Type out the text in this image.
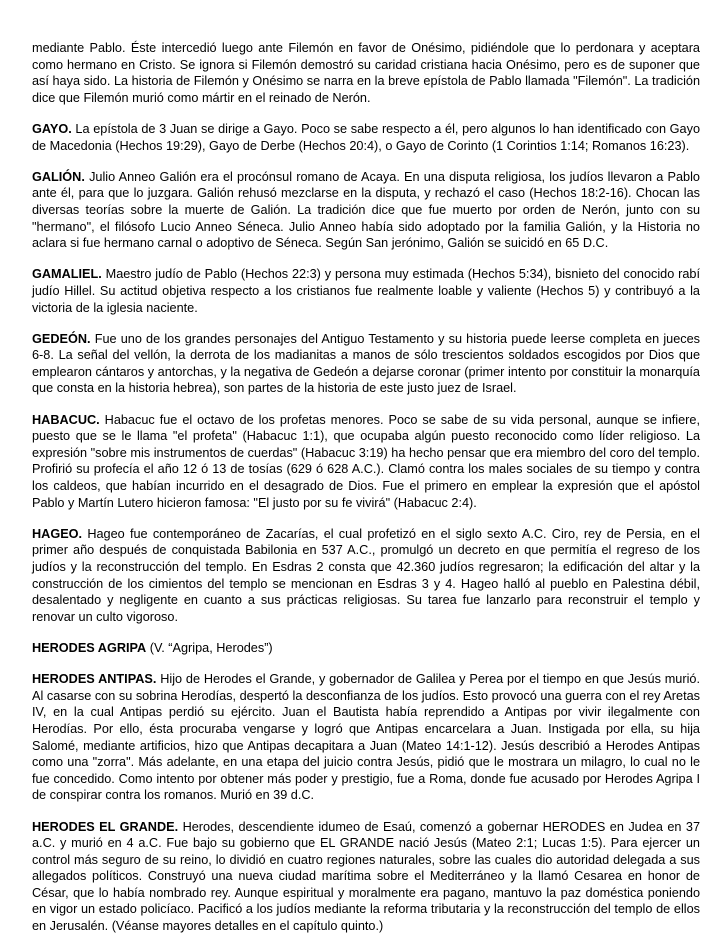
mediante Pablo. Éste intercedió luego ante Filemón en favor de Onésimo, pidiéndole que lo perdonara y aceptara como hermano en Cristo. Se ignora si Filemón demostró su caridad cristiana hacia Onésimo, pero es de suponer que así haya sido. La historia de Filemón y Onésimo se narra en la breve epístola de Pablo llamada "Filemón". La tradición dice que Filemón murió como mártir en el reinado de Nerón.

GAYO. La epístola de 3 Juan se dirige a Gayo. Poco se sabe respecto a él, pero algunos lo han identificado con Gayo de Macedonia (Hechos 19:29), Gayo de Derbe (Hechos 20:4), o Gayo de Corinto (1 Corintios 1:14; Romanos 16:23).

GALIÓN. Julio Anneo Galión era el procónsul romano de Acaya. En una disputa religiosa, los judíos llevaron a Pablo ante él, para que lo juzgara. Galión rehusó mezclarse en la disputa, y rechazó el caso (Hechos 18:2-16). Chocan las diversas teorías sobre la muerte de Galión. La tradición dice que fue muerto por orden de Nerón, junto con su "hermano", el filósofo Lucio Anneo Séneca. Julio Anneo había sido adoptado por la familia Galión, y la Historia no aclara si fue hermano carnal o adoptivo de Séneca. Según San jerónimo, Galión se suicidó en 65 D.C.

GAMALIEL. Maestro judío de Pablo (Hechos 22:3) y persona muy estimada (Hechos 5:34), bisnieto del conocido rabí judío Hillel. Su actitud objetiva respecto a los cristianos fue realmente loable y valiente (Hechos 5) y contribuyó a la victoria de la iglesia naciente.

GEDEÓN. Fue uno de los grandes personajes del Antiguo Testamento y su historia puede leerse completa en jueces 6-8. La señal del vellón, la derrota de los madianitas a manos de sólo trescientos soldados escogidos por Dios que emplearon cántaros y antorchas, y la negativa de Gedeón a dejarse coronar (primer intento por constituir la monarquía que consta en la historia hebrea), son partes de la historia de este justo juez de Israel.

HABACUC. Habacuc fue el octavo de los profetas menores. Poco se sabe de su vida personal, aunque se infiere, puesto que se le llama "el profeta" (Habacuc 1:1), que ocupaba algún puesto reconocido como líder religioso. La expresión "sobre mis instrumentos de cuerdas" (Habacuc 3:19) ha hecho pensar que era miembro del coro del templo. Profirió su profecía el año 12 ó 13 de tosías (629 ó 628 A.C.). Clamó contra los males sociales de su tiempo y contra los caldeos, que habían incurrido en el desagrado de Dios. Fue el primero en emplear la expresión que el apóstol Pablo y Martín Lutero hicieron famosa: "El justo por su fe vivirá" (Habacuc 2:4).

HAGEO. Hageo fue contemporáneo de Zacarías, el cual profetizó en el siglo sexto A.C. Ciro, rey de Persia, en el primer año después de conquistada Babilonia en 537 A.C., promulgó un decreto en que permitía el regreso de los judíos y la reconstrucción del templo. En Esdras 2 consta que 42.360 judíos regresaron; la edificación del altar y la construcción de los cimientos del templo se mencionan en Esdras 3 y 4. Hageo halló al pueblo en Palestina débil, desalentado y negligente en cuanto a sus prácticas religiosas. Su tarea fue lanzarlo para reconstruir el templo y renovar un culto vigoroso.

HERODES AGRIPA (V. “Agripa, Herodes”)

HERODES ANTIPAS. Hijo de Herodes el Grande, y gobernador de Galilea y Perea por el tiempo en que Jesús murió. Al casarse con su sobrina Herodías, despertó la desconfianza de los judíos. Esto provocó una guerra con el rey Aretas IV, en la cual Antipas perdió su ejército. Juan el Bautista había reprendido a Antipas por vivir ilegalmente con Herodías. Por ello, ésta procuraba vengarse y logró que Antipas encarcelara a Juan. Instigada por ella, su hija Salomé, mediante artificios, hizo que Antipas decapitara a Juan (Mateo 14:1-12). Jesús describió a Herodes Antipas como una "zorra". Más adelante, en una etapa del juicio contra Jesús, pidió que le mostrara un milagro, lo cual no le fue concedido. Como intento por obtener más poder y prestigio, fue a Roma, donde fue acusado por Herodes Agripa I de conspirar contra los romanos. Murió en 39 d.C.

HERODES EL GRANDE. Herodes, descendiente idumeo de Esaú, comenzó a gobernar HERODES en Judea en 37 a.C. y murió en 4 a.C. Fue bajo su gobierno que EL GRANDE nació Jesús (Mateo 2:1; Lucas 1:5). Para ejercer un control más seguro de su reino, lo dividió en cuatro regiones naturales, sobre las cuales dio autoridad delegada a sus allegados políticos. Construyó una nueva ciudad marítima sobre el Mediterráneo y la llamó Cesarea en honor de César, que lo había nombrado rey. Aunque espiritual y moralmente era pagano, mantuvo la paz doméstica poniendo en vigor un estado policíaco. Pacificó a los judíos mediante la reforma tributaria y la reconstrucción del templo de ellos en Jerusalén. (Véanse mayores detalles en el capítulo quinto.)
